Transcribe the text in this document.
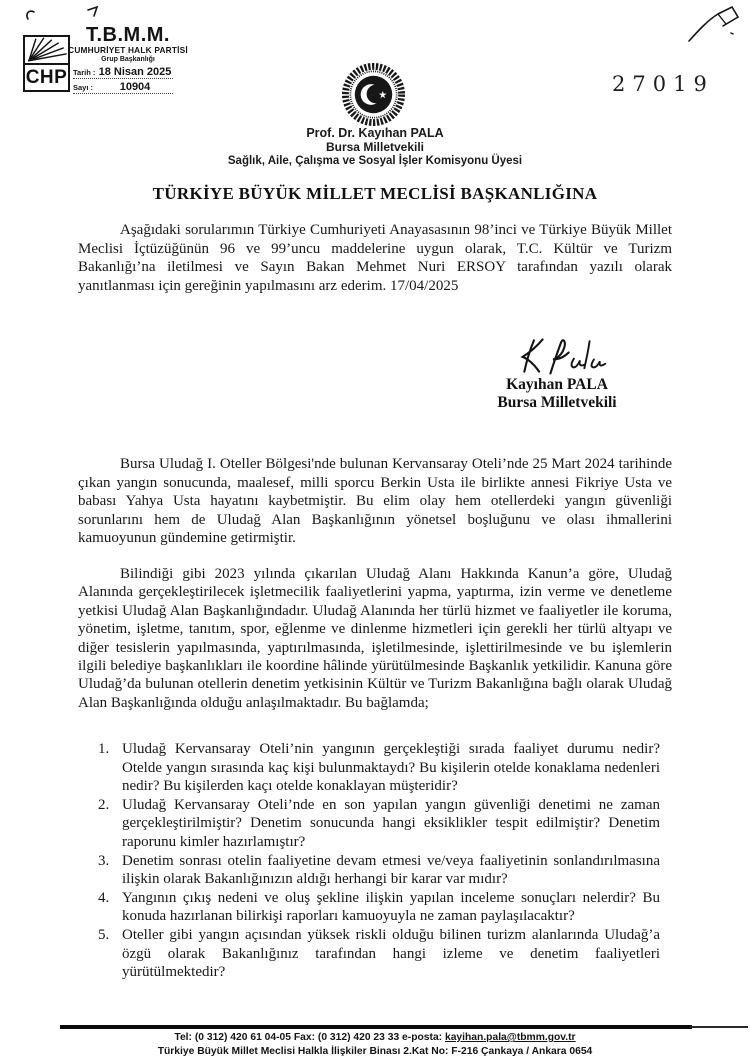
CHP
T.B.M.M.
CUMHURİYET HALK PARTİSİ
Grup Başkanlığı
Tarih : 18 Nisan 2025
Sayı :	10904	27019
Prof. Dr. Kayıhan PALA
Bursa Milletvekili
Sağlık, Aile, Çalışma ve Sosyal İşler Komisyonu Üyesi
TÜRKİYE BÜYÜK MİLLET MECLİSİ BAŞKANLIĞINA
Aşağıdaki sorularımın Türkiye Cumhuriyeti Anayasasının 98’inci ve Türkiye Büyük Millet Meclisi İçtüzüğünün 96 ve 99’uncu maddelerine uygun olarak, T.C. Kültür ve Turizm Bakanlığı’na iletilmesi ve Sayın Bakan Mehmet Nuri ERSOY tarafından yazılı olarak yanıtlanması için gereğinin yapılmasını arz ederim. 17/04/2025
Kayıhan PALA
Bursa Milletvekili
Bursa Uludağ I. Oteller Bölgesi'nde bulunan Kervansaray Oteli’nde 25 Mart 2024 tarihinde çıkan yangın sonucunda, maalesef, milli sporcu Berkin Usta ile birlikte annesi Fikriye Usta ve babası Yahya Usta hayatını kaybetmiştir. Bu elim olay hem otellerdeki yangın güvenliği sorunlarını hem de Uludağ Alan Başkanlığının yönetsel boşluğunu ve olası ihmallerini kamuoyunun gündemine getirmiştir.
Bilindiği gibi 2023 yılında çıkarılan Uludağ Alanı Hakkında Kanun’a göre, Uludağ Alanında gerçekleştirilecek işletmecilik faaliyetlerini yapma, yaptırma, izin verme ve denetleme yetkisi Uludağ Alan Başkanlığındadır. Uludağ Alanında her türlü hizmet ve faaliyetler ile koruma, yönetim, işletme, tanıtım, spor, eğlenme ve dinlenme hizmetleri için gerekli her türlü altyapı ve diğer tesislerin yapılmasında, yaptırılmasında, işletilmesinde, işlettirilmesinde ve bu işlemlerin ilgili belediye başkanlıkları ile koordine hâlinde yürütülmesinde Başkanlık yetkilidir. Kanuna göre Uludağ’da bulunan otellerin denetim yetkisinin Kültür ve Turizm Bakanlığına bağlı olarak Uludağ Alan Başkanlığında olduğu anlaşılmaktadır. Bu bağlamda;
1. Uludağ Kervansaray Oteli’nin yangının gerçekleştiği sırada faaliyet durumu nedir? Otelde yangın sırasında kaç kişi bulunmaktaydı? Bu kişilerin otelde konaklama nedenleri nedir? Bu kişilerden kaçı otelde konaklayan müşteridir?
2. Uludağ Kervansaray Oteli’nde en son yapılan yangın güvenliği denetimi ne zaman gerçekleştirilmiştir? Denetim sonucunda hangi eksiklikler tespit edilmiştir? Denetim raporunu kimler hazırlamıştır?
3. Denetim sonrası otelin faaliyetine devam etmesi ve/veya faaliyetinin sonlandırılmasına ilişkin olarak Bakanlığınızın aldığı herhangi bir karar var mıdır?
4. Yangının çıkış nedeni ve oluş şekline ilişkin yapılan inceleme sonuçları nelerdir? Bu konuda hazırlanan bilirkişi raporları kamuoyuyla ne zaman paylaşılacaktır?
5. Oteller gibi yangın açısından yüksek riskli olduğu bilinen turizm alanlarında Uludağ’a özgü olarak Bakanlığınız tarafından hangi izleme ve denetim faaliyetleri yürütülmektedir?
Tel: (0 312) 420 61 04-05 Fax: (0 312) 420 23 33 e-posta: kayihan.pala@tbmm.gov.tr
Türkiye Büyük Millet Meclisi Halkla İlişkiler Binası 2.Kat No: F-216 Çankaya / Ankara 0654
